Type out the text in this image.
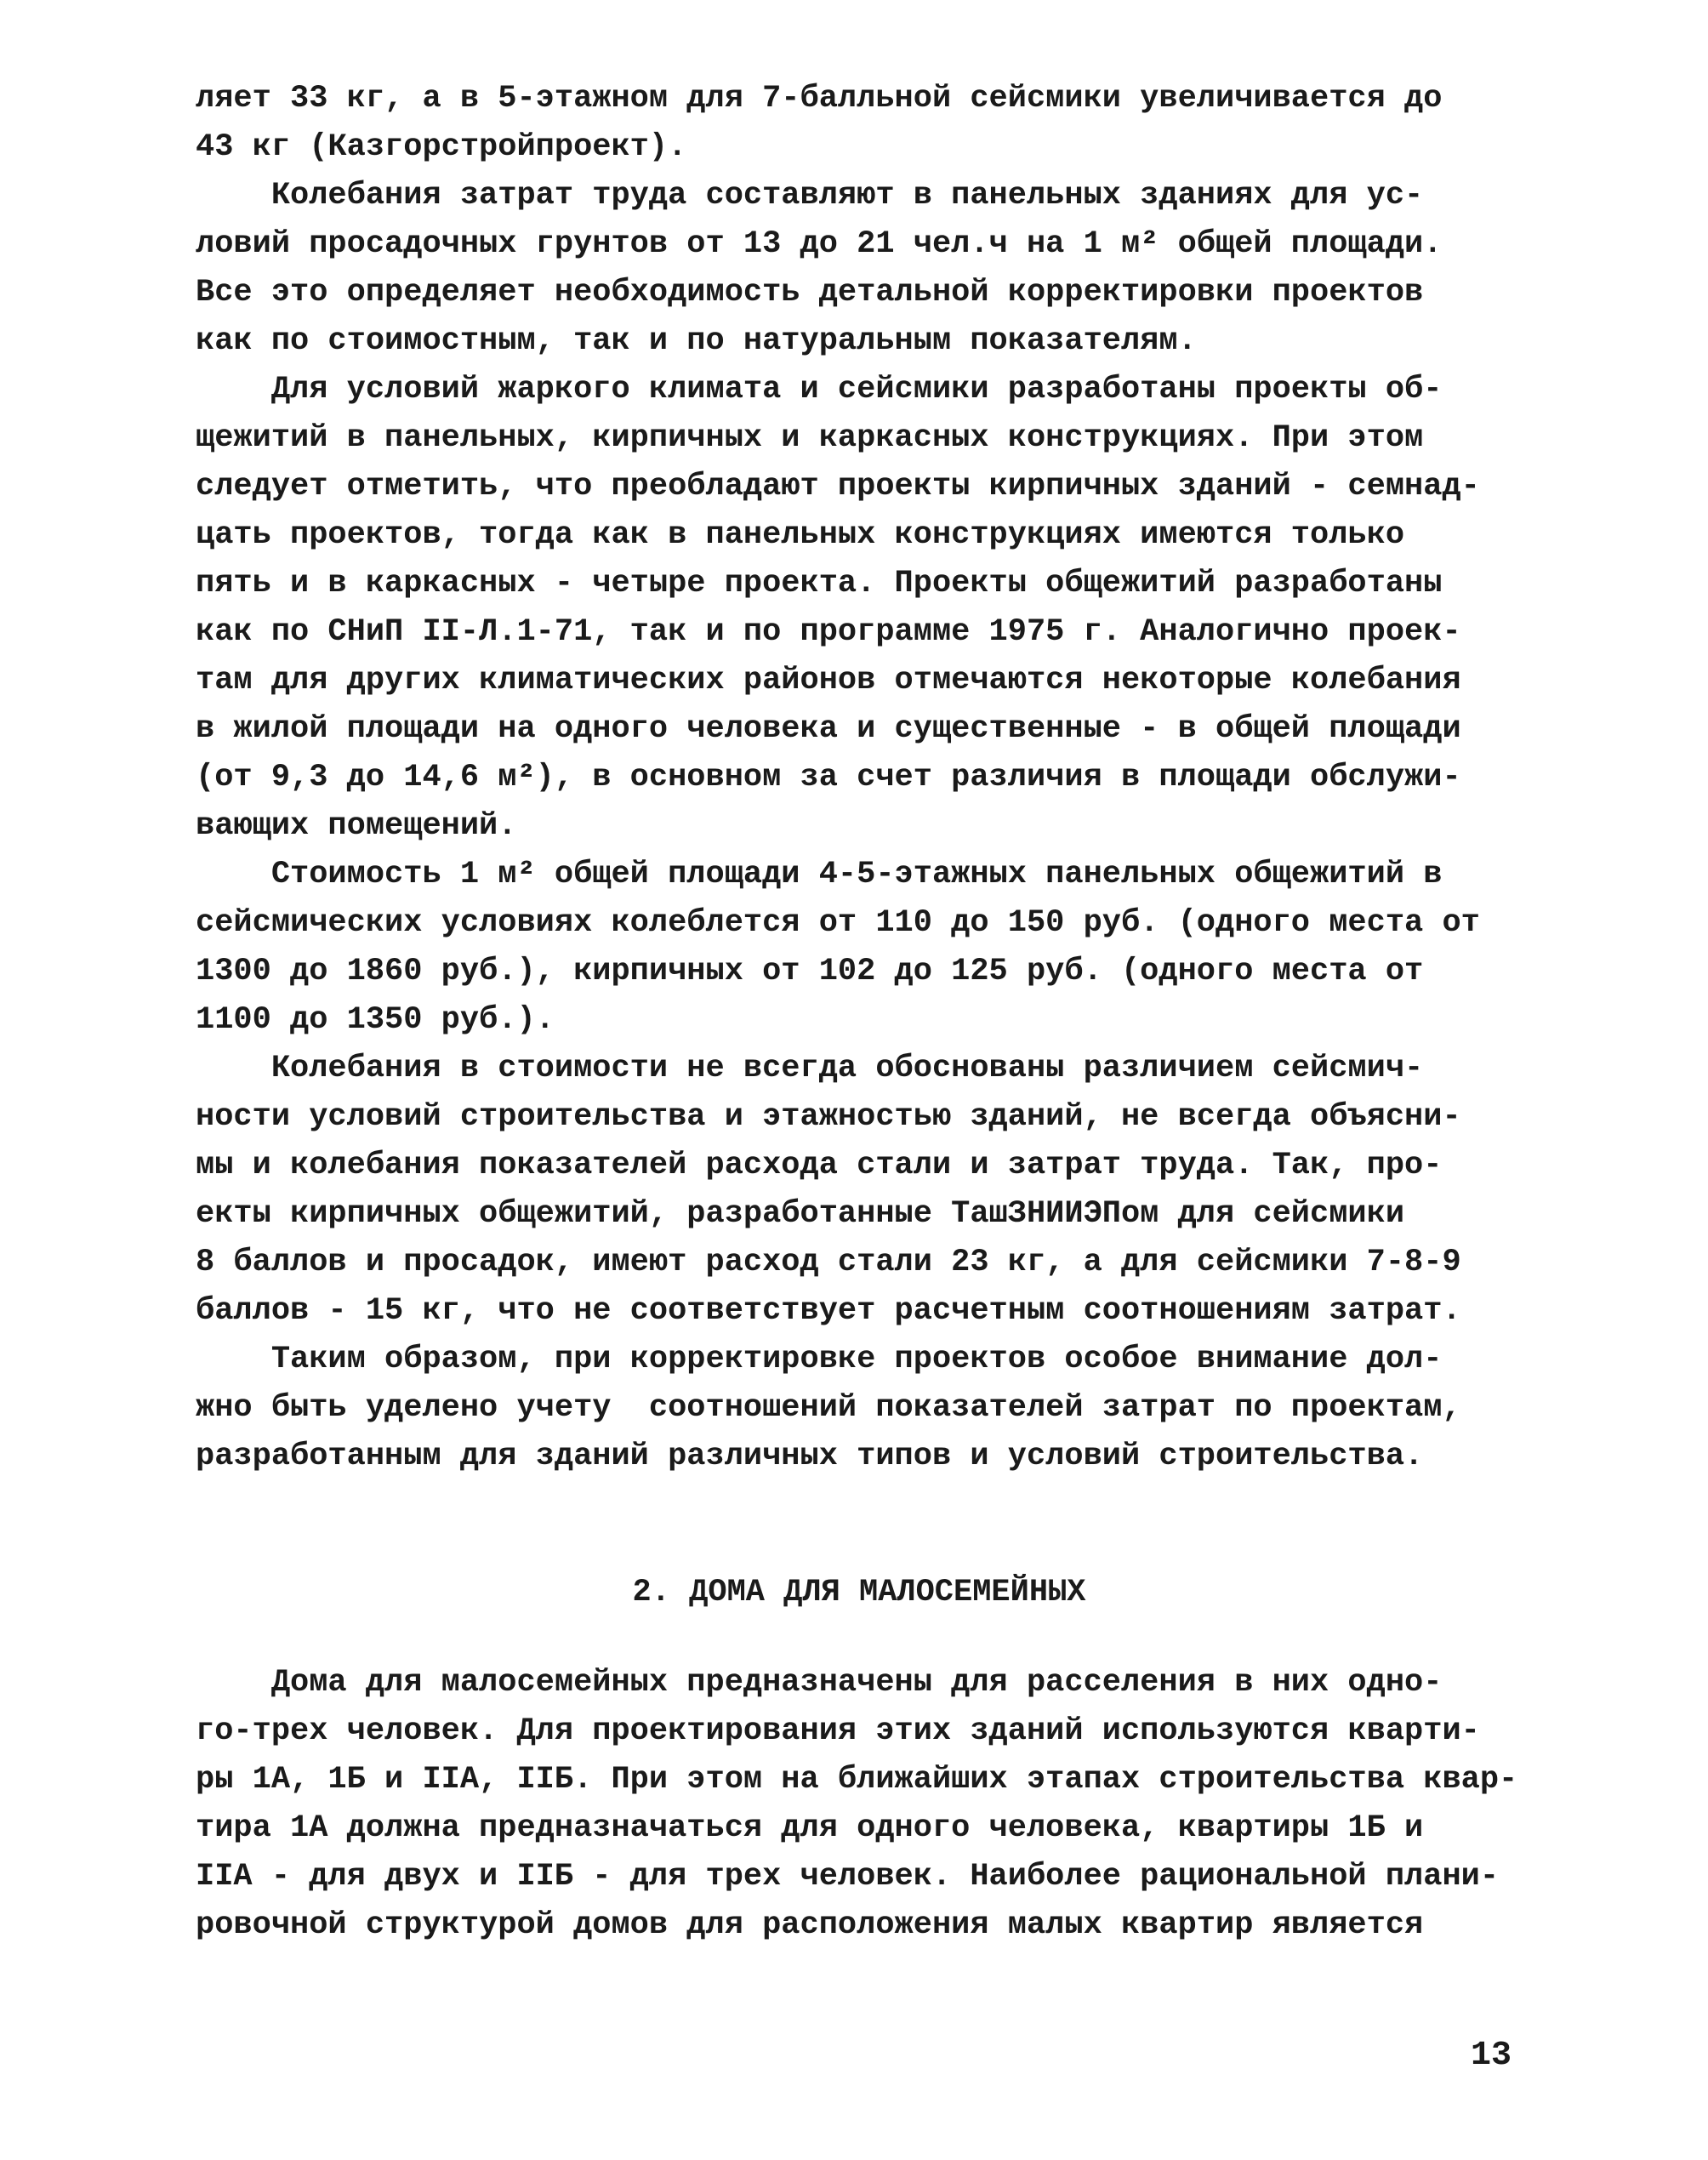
ляет 33 кг, а в 5-этажном для 7-балльной сейсмики увеличивается до
43 кг (Казгорстройпроект).
Колебания затрат труда составляют в панельных зданиях для ус-
ловий просадочных грунтов от 13 до 21 чел.ч на 1 м² общей площади.
Все это определяет необходимость детальной корректировки проектов
как по стоимостным, так и по натуральным показателям.
Для условий жаркого климата и сейсмики разработаны проекты об-
щежитий в панельных, кирпичных и каркасных конструкциях. При этом
следует отметить, что преобладают проекты кирпичных зданий - семнад-
цать проектов, тогда как в панельных конструкциях имеются только
пять и в каркасных - четыре проекта. Проекты общежитий разработаны
как по СНиП II-Л.1-71, так и по программе 1975 г. Аналогично проек-
там для других климатических районов отмечаются некоторые колебания
в жилой площади на одного человека и существенные - в общей площади
(от 9,3 до 14,6 м²), в основном за счет различия в площади обслужи-
вающих помещений.
Стоимость 1 м² общей площади 4-5-этажных панельных общежитий в
сейсмических условиях колеблется от 110 до 150 руб. (одного места от
1300 до 1860 руб.), кирпичных от 102 до 125 руб. (одного места от
1100 до 1350 руб.).
Колебания в стоимости не всегда обоснованы различием сейсмич-
ности условий строительства и этажностью зданий, не всегда объясни-
мы и колебания показателей расхода стали и затрат труда. Так, про-
екты кирпичных общежитий, разработанные ТашЗНИИЭПом для сейсмики
8 баллов и просадок, имеют расход стали 23 кг, а для сейсмики 7-8-9
баллов - 15 кг, что не соответствует расчетным соотношениям затрат.
Таким образом, при корректировке проектов особое внимание дол-
жно быть уделено учету  соотношений показателей затрат по проектам,
разработанным для зданий различных типов и условий строительства.
2. ДОМА ДЛЯ МАЛОСЕМЕЙНЫХ
Дома для малосемейных предназначены для расселения в них одно-
го-трех человек. Для проектирования этих зданий используются кварти-
ры 1А, 1Б и IIА, IIБ. При этом на ближайших этапах строительства квар-
тира 1А должна предназначаться для одного человека, квартиры 1Б и
IIА - для двух и IIБ - для трех человек. Наиболее рациональной плани-
ровочной структурой домов для расположения малых квартир является
13
